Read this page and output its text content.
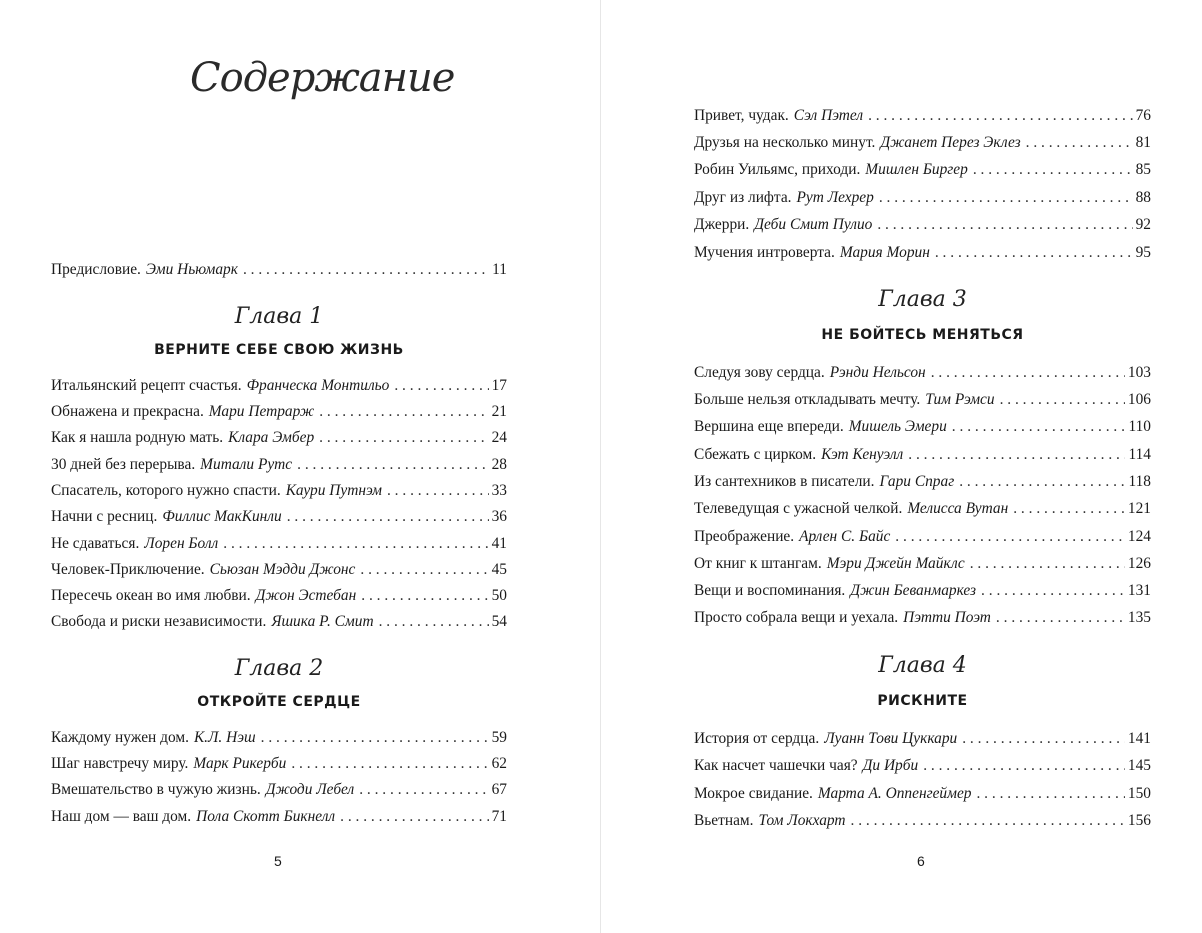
Содержание
Предисловие. Эми Ньюмарк . . .	11
Глава 1
ВЕРНИТЕ СЕБЕ СВОЮ ЖИЗНЬ
Итальянский рецепт счастья. Франческа Монтильо . . .	17
Обнажена и прекрасна. Мари Петрарж . . .	21
Как я нашла родную мать. Клара Эмбер . . .	24
30 дней без перерыва. Митали Рутс . . .	28
Спасатель, которого нужно спасти. Каури Путнэм . . .	33
Начни с ресниц. Филлис МакКинли . . .	36
Не сдаваться. Лорен Болл . . .	41
Человек-Приключение. Сьюзан Мэдди Джонс . . .	45
Пересечь океан во имя любви. Джон Эстебан . . .	50
Свобода и риски независимости. Яшика Р. Смит . . .	54
Глава 2
ОТКРОЙТЕ СЕРДЦЕ
Каждому нужен дом. К.Л. Нэш . . .	59
Шаг навстречу миру. Марк Рикерби . . .	62
Вмешательство в чужую жизнь. Джоди Лебел . . .	67
Наш дом — ваш дом. Пола Скотт Бикнелл . . .	71
5
Привет, чудак. Сэл Пэтел . . .	76
Друзья на несколько минут. Джанет Перез Эклез . . .	81
Робин Уильямс, приходи. Мишлен Биргер . . .	85
Друг из лифта. Рут Лехрер . . .	88
Джерри. Деби Смит Пулио . . .	92
Мучения интроверта. Мария Морин . . .	95
Глава 3
НЕ БОЙТЕСЬ МЕНЯТЬСЯ
Следуя зову сердца. Рэнди Нельсон . . .	103
Больше нельзя откладывать мечту. Тим Рэмси . . .	106
Вершина еще впереди. Мишель Эмери . . .	110
Сбежать с цирком. Кэт Кенуэлл . . .	114
Из сантехников в писатели. Гари Спраг . . .	118
Телеведущая с ужасной челкой. Мелисса Вутан . . .	121
Преображение. Арлен С. Байс . . .	124
От книг к штангам. Мэри Джейн Майклс . . .	126
Вещи и воспоминания. Джин Беванмаркез . . .	131
Просто собрала вещи и уехала. Пэтти Поэт . . .	135
Глава 4
РИСКНИТЕ
История от сердца. Луанн Тови Цуккари . . .	141
Как насчет чашечки чая? Ди Ирби . . .	145
Мокрое свидание. Марта А. Оппенгеймер . . .	150
Вьетнам. Том Локхарт . . .	156
6
